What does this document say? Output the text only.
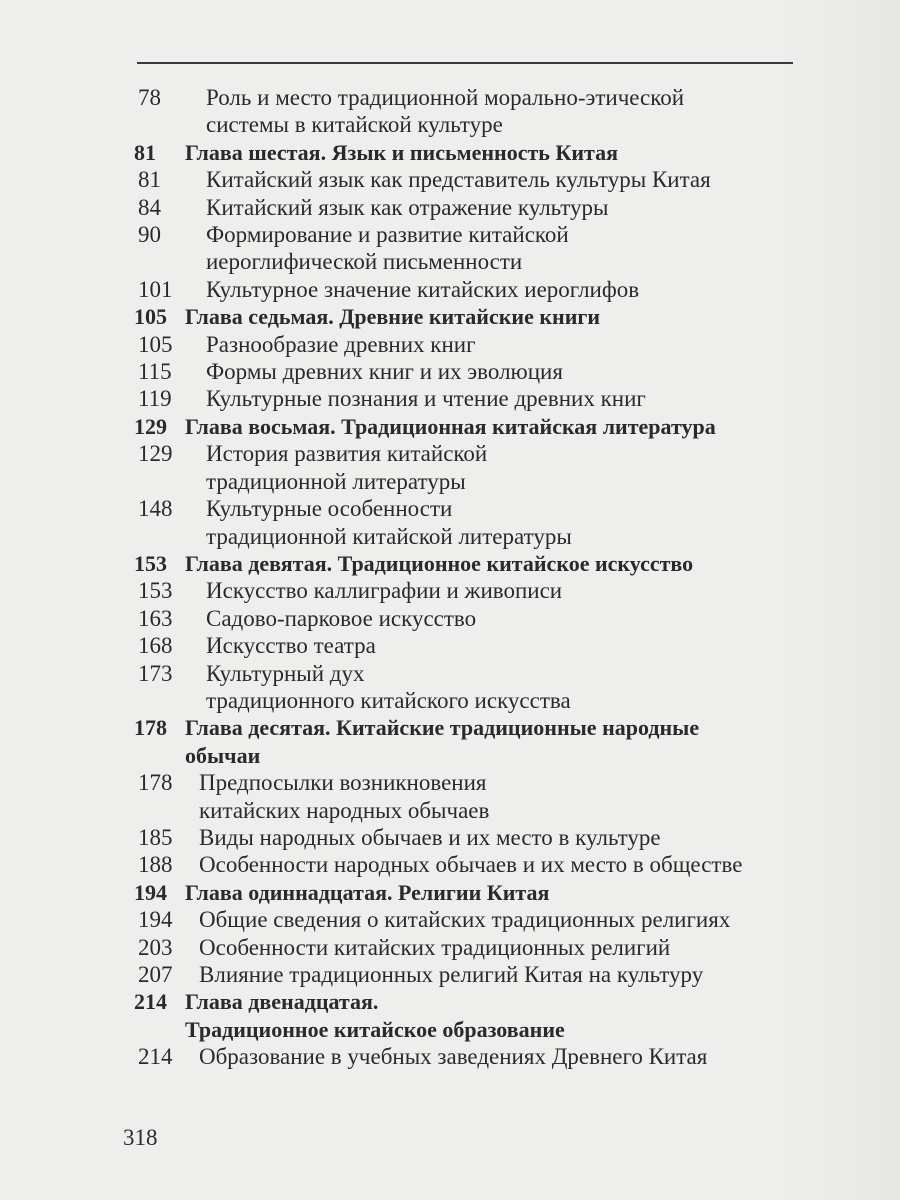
78	Роль и место традиционной морально-этической
системы в китайской культуре
81	Глава шестая. Язык и письменность Китая
81	Китайский язык как представитель культуры Китая
84	Китайский язык как отражение культуры
90	Формирование и развитие китайской
иероглифической письменности
101	Культурное значение китайских иероглифов
105 Глава седьмая. Древние китайские книги
105	Разнообразие древних книг
115	Формы древних книг и их эволюция
119	Культурные познания и чтение древних книг
129 Глава восьмая. Традиционная китайская литература
129	История развития китайской
традиционной литературы
148	Культурные особенности
традиционной китайской литературы
153 Глава девятая. Традиционное китайское искусство
153	Искусство каллиграфии и живописи
163	Садово-парковое искусство
168	Искусство театра
173	Культурный дух
традиционного китайского искусства
178 Глава десятая. Китайские традиционные народные
обычаи
178	Предпосылки возникновения
китайских народных обычаев
185	Виды народных обычаев и их место в культуре
188	Особенности народных обычаев и их место в обществе
194 Глава одиннадцатая. Религии Китая
194	Общие сведения о китайских традиционных религиях
203	Особенности китайских традиционных религий
207	Влияние традиционных религий Китая на культуру
214 Глава двенадцатая.
Традиционное китайское образование
214	Образование в учебных заведениях Древнего Китая
318
